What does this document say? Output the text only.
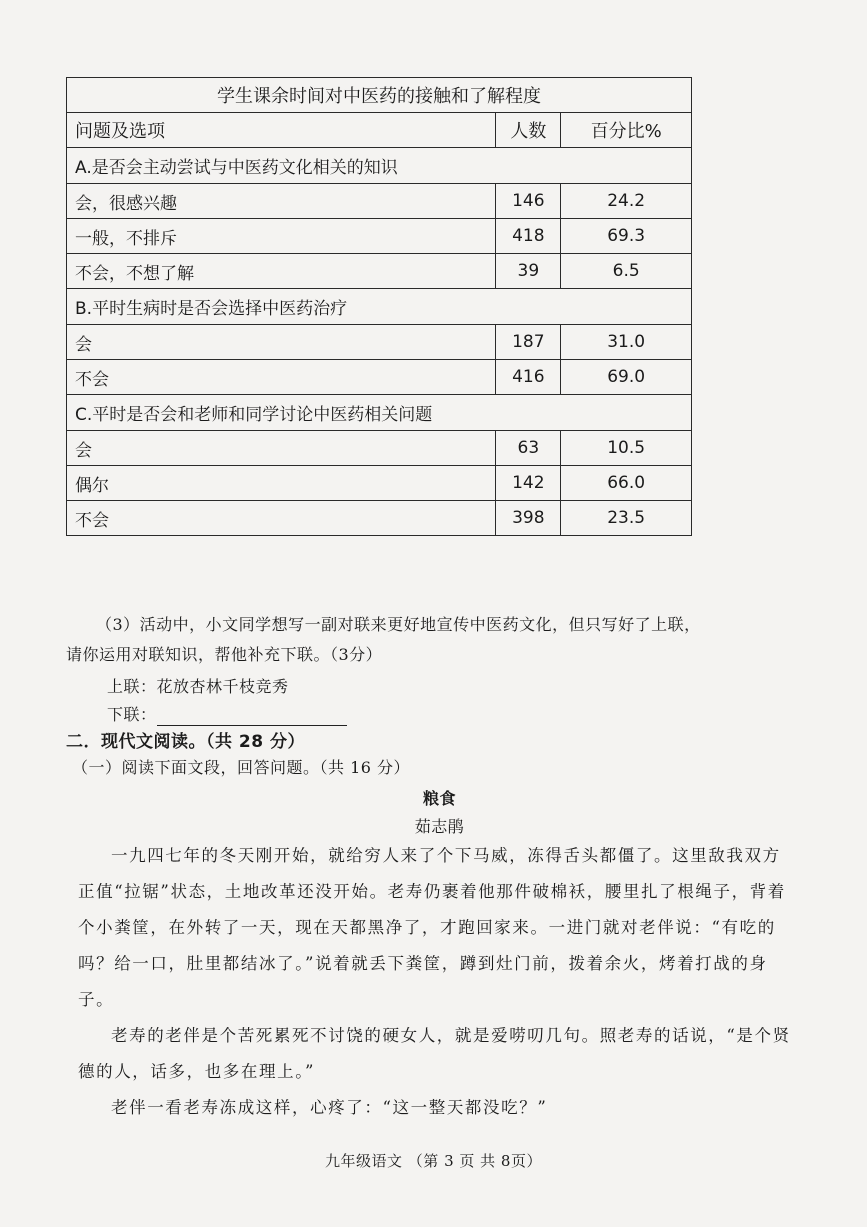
学生课余时间对中医药的接触和了解程度		
问题及选项	人数	百分比%
A.是否会主动尝试与中医药文化相关的知识		
会，很感兴趣	146	24.2
一般，不排斥	418	69.3
不会，不想了解	39	6.5
B.平时生病时是否会选择中医药治疗		
会	187	31.0
不会	416	69.0
C.平时是否会和老师和同学讨论中医药相关问题		
会	63	10.5
偶尔	142	66.0
不会	398	23.5
（3）活动中，小文同学想写一副对联来更好地宣传中医药文化，但只写好了上联，
请你运用对联知识，帮他补充下联。（3分）
上联：花放杏林千枝竞秀
下联：
二．现代文阅读。（共 28 分）
（一）阅读下面文段，回答问题。（共 16 分）
粮食
茹志鹃

一九四七年的冬天刚开始，就给穷人来了个下马威，冻得舌头都僵了。这里敌我双方正值“拉锯”状态，土地改革还没开始。老寿仍裹着他那件破棉袄，腰里扎了根绳子，背着个小粪筐，在外转了一天，现在天都黑净了，才跑回家来。一进门就对老伴说：“有吃的吗？给一口，肚里都结冰了。”说着就丢下粪筐，蹲到灶门前，拨着余火，烤着打战的身子。

老寿的老伴是个苦死累死不讨饶的硬女人，就是爱唠叨几句。照老寿的话说，“是个贤德的人，话多，也多在理上。”

老伴一看老寿冻成这样，心疼了：“这一整天都没吃？”

九年级语文 （第 3 页 共 8页）
